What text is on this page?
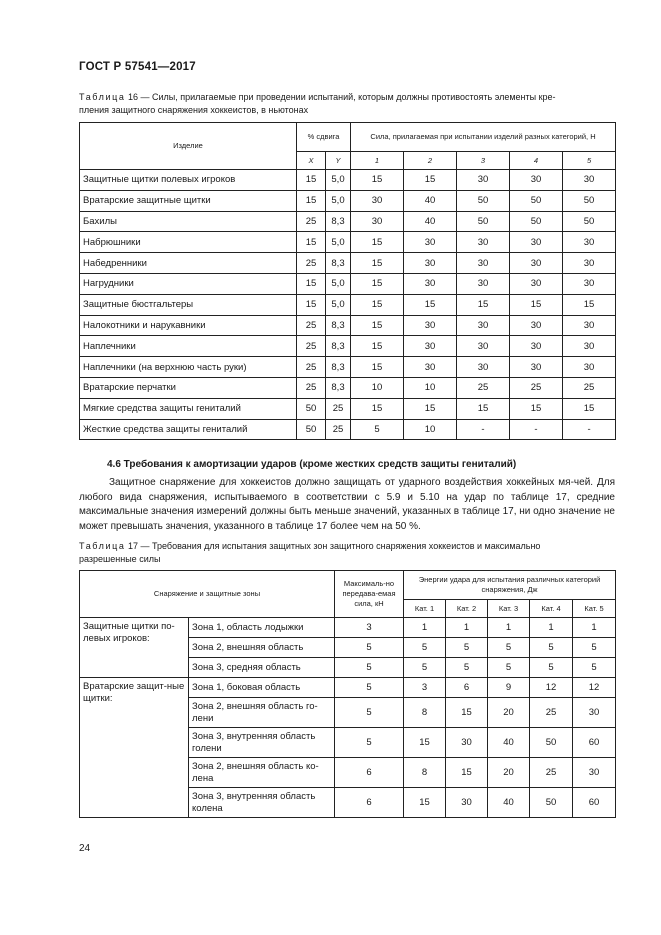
ГОСТ Р 57541—2017
Таблица 16 — Силы, прилагаемые при проведении испытаний, которым должны противостоять элементы кре-
пления защитного снаряжения хоккеистов, в ньютонах
Изделие	% сдвига		Сила, прилагаемая при испытании изделий разных категорий, Н				
	X	Y	1	2	3	4	5
Защитные щитки полевых игроков	15	5,0	15	15	30	30	30
Вратарские защитные щитки	15	5,0	30	40	50	50	50
Бахилы	25	8,3	30	40	50	50	50
Набрюшники	15	5,0	15	30	30	30	30
Набедренники	25	8,3	15	30	30	30	30
Нагрудники	15	5,0	15	30	30	30	30
Защитные бюстгальтеры	15	5,0	15	15	15	15	15
Налокотники и нарукавники	25	8,3	15	30	30	30	30
Наплечники	25	8,3	15	30	30	30	30
Наплечники (на верхнюю часть руки)	25	8,3	15	30	30	30	30
Вратарские перчатки	25	8,3	10	10	25	25	25
Мягкие средства защиты гениталий	50	25	15	15	15	15	15
Жесткие средства защиты гениталий	50	25	5	10	-	-	-
4.6 Требования к амортизации ударов (кроме жестких средств защиты гениталий)
Защитное снаряжение для хоккеистов должно защищать от ударного воздействия хоккейных мя-чей. Для любого вида снаряжения, испытываемого в соответствии с 5.9 и 5.10 на удар по таблице 17, средние максимальные значения измерений должны быть меньше значений, указанных в таблице 17, ни одно значение не может превышать значения, указанного в таблице 17 более чем на 50 %.
Таблица 17 — Требования для испытания защитных зон защитного снаряжения хоккеистов и максимально
разрешенные силы
Снаряжение и защитные зоны		Максималь-но передава-емая сила, кН	Энергии удара для испытания различных категорий снаряжения, Дж				
			Кат. 1	Кат. 2	Кат. 3	Кат. 4	Кат. 5
Защитные щитки по-левых игроков:	Зона 1, область лодыжки	3	1	1	1	1	1
	Зона 2, внешняя область	5	5	5	5	5	5
	Зона 3, средняя область	5	5	5	5	5	5
Вратарские защит-ные щитки:	Зона 1, боковая область	5	3	6	9	12	12
	Зона 2, внешняя область го-лени	5	8	15	20	25	30
	Зона 3, внутренняя область голени	5	15	30	40	50	60
	Зона 2, внешняя область ко-лена	6	8	15	20	25	30
	Зона 3, внутренняя область колена	6	15	30	40	50	60
24
